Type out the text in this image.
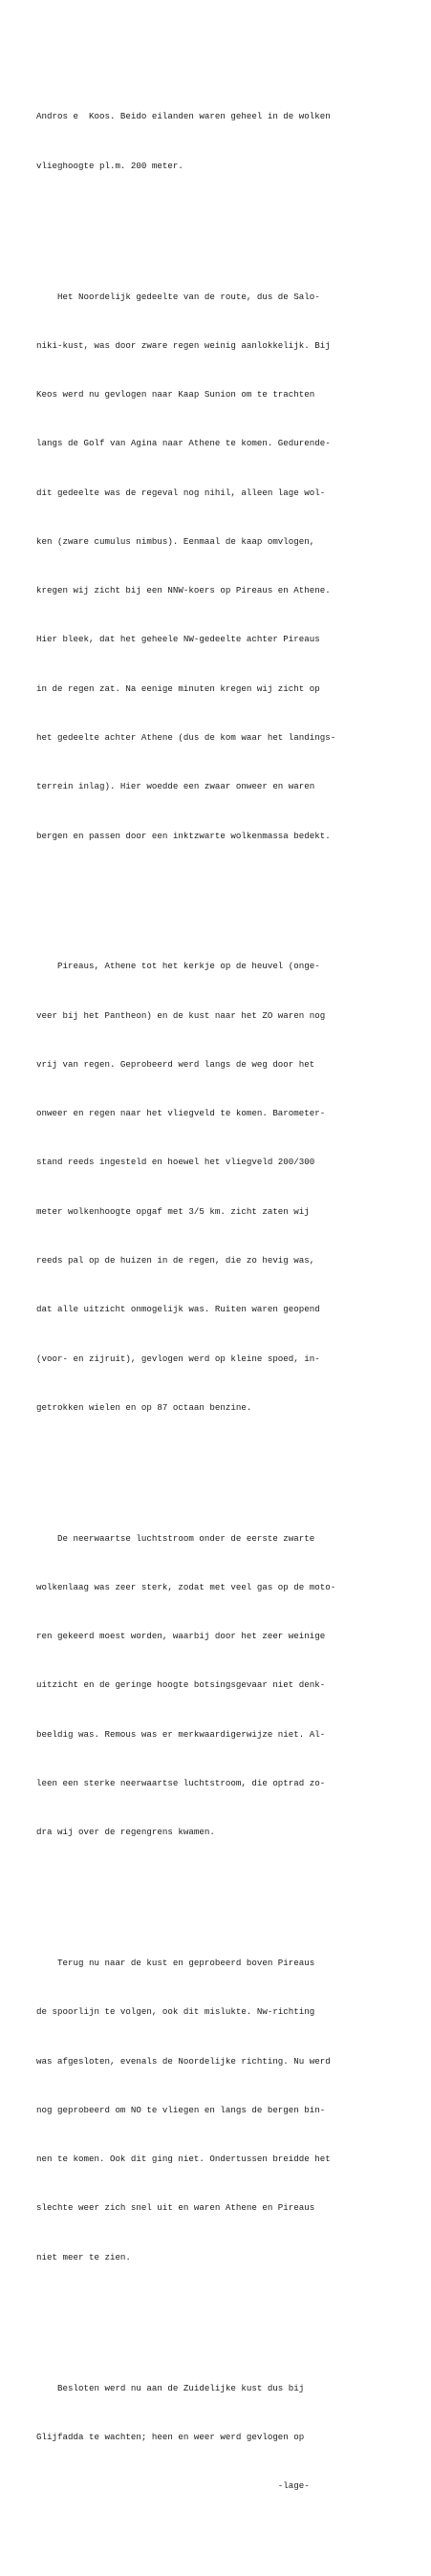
Andros e  Koos. Beido eilanden waren geheel in de wolken

vlieghoogte pl.m. 200 meter.

Het Noordelijk gedeelte van de route, dus de Salo-

niki-kust, was door zware regen weinig aanlokkelijk. Bij

Keos werd nu gevlogen naar Kaap Sunion om te trachten

langs de Golf van Agina naar Athene te komen. Gedurende-

dit gedeelte was de regeval nog nihil, alleen lage wol-

ken (zware cumulus nimbus). Eenmaal de kaap omvlogen,

kregen wij zicht bij een NNW-koers op Pireaus en Athene.

Hier bleek, dat het geheele NW-gedeelte achter Pireaus

in de regen zat. Na eenige minuten kregen wij zicht op

het gedeelte achter Athene (dus de kom waar het landings-

terrein inlag). Hier woedde een zwaar onweer en waren

bergen en passen door een inktzwarte wolkenmassa bedekt.

Pireaus, Athene tot het kerkje op de heuvel (onge-

veer bij het Pantheon) en de kust naar het ZO waren nog

vrij van regen. Geprobeerd werd langs de weg door het

onweer en regen naar het vliegveld te komen. Barometer-

stand reeds ingesteld en hoewel het vliegveld 200/300

meter wolkenhoogte opgaf met 3/5 km. zicht zaten wij

reeds pal op de huizen in de regen, die zo hevig was,

dat alle uitzicht onmogelijk was. Ruiten waren geopend

(voor- en zijruit), gevlogen werd op kleine spoed, in-

getrokken wielen en op 87 octaan benzine.

De neerwaartse luchtstroom onder de eerste zwarte

wolkenlaag was zeer sterk, zodat met veel gas op de moto-

ren gekeerd moest worden, waarbij door het zeer weinige

uitzicht en de geringe hoogte botsingsgevaar niet denk-

beeldig was. Remous was er merkwaardigerwijze niet. Al-

leen een sterke neerwaartse luchtstroom, die optrad zo-

dra wij over de regengrens kwamen.

Terug nu naar de kust en geprobeerd boven Pireaus

de spoorlijn te volgen, ook dit mislukte. Nw-richting

was afgesloten, evenals de Noordelijke richting. Nu werd

nog geprobeerd om NO te vliegen en langs de bergen bin-

nen te komen. Ook dit ging niet. Ondertussen breidde het

slechte weer zich snel uit en waren Athene en Pireaus

niet meer te zien.

Besloten werd nu aan de Zuidelijke kust dus bij

Glijfadda te wachten; heen en weer werd gevlogen op

-lage-
